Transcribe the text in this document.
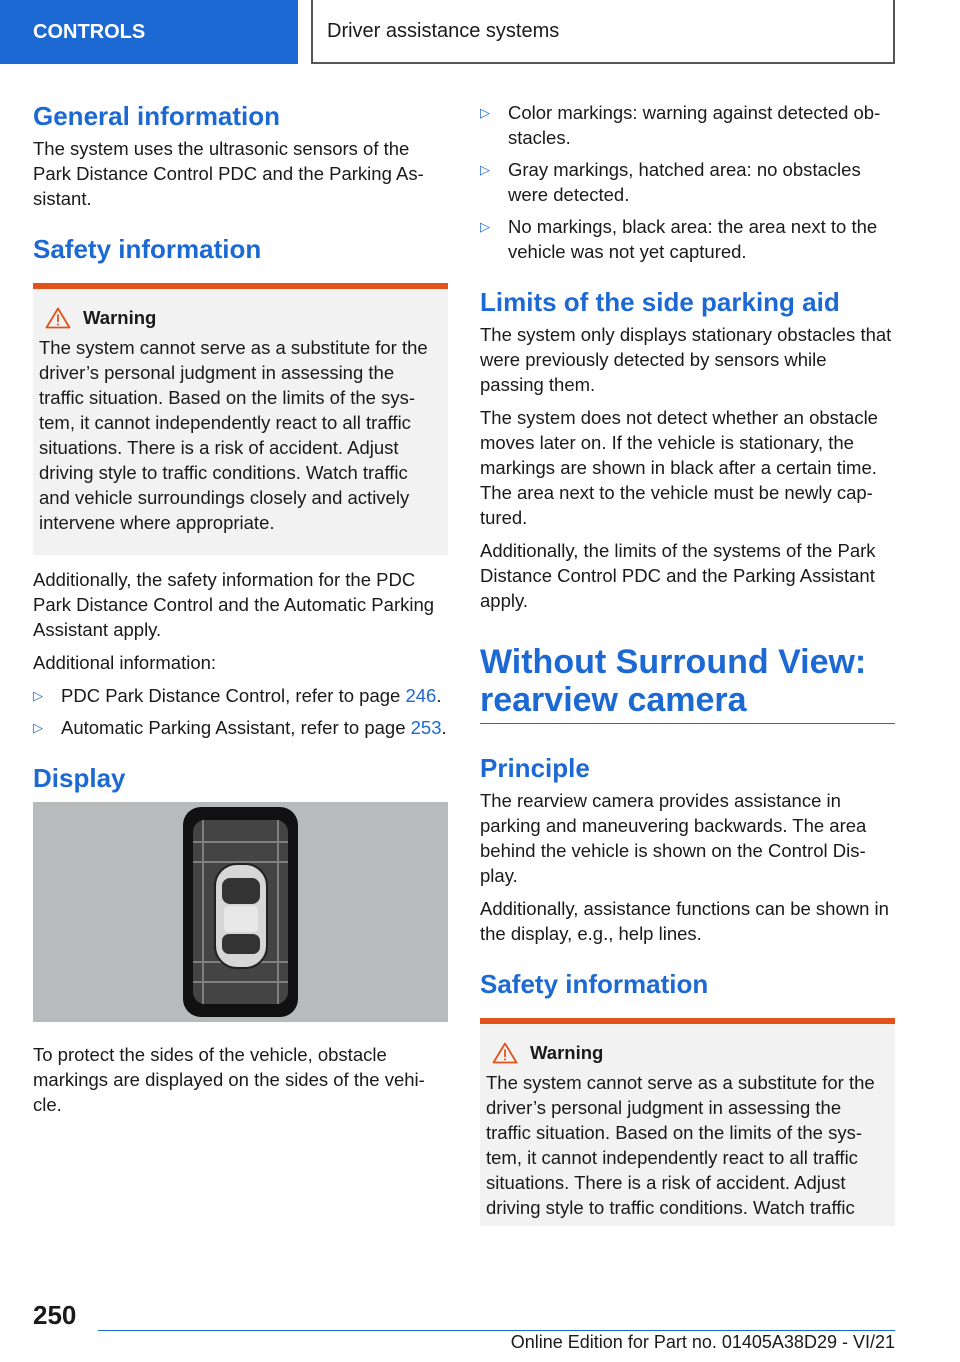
CONTROLS	Driver assistance systems
General information

The system uses the ultrasonic sensors of the Park Distance Control PDC and the Parking As-sistant.

Safety information
Warning

The system cannot serve as a substitute for the driver’s personal judgment in assessing the traffic situation. Based on the limits of the sys-tem, it cannot independently react to all traffic situations. There is a risk of accident. Adjust driving style to traffic conditions. Watch traffic and vehicle surroundings closely and actively intervene where appropriate.

Additionally, the safety information for the PDC Park Distance Control and the Automatic Parking Assistant apply.

Additional information:

▷ PDC Park Distance Control, refer to page 246.
▷ Automatic Parking Assistant, refer to page 253.
Display

To protect the sides of the vehicle, obstacle markings are displayed on the sides of the vehi-cle.

▷ Color markings: warning against detected ob-stacles.
▷ Gray markings, hatched area: no obstacles were detected.
▷ No markings, black area: the area next to the vehicle was not yet captured.
Limits of the side parking aid

The system only displays stationary obstacles that were previously detected by sensors while passing them.

The system does not detect whether an obstacle moves later on. If the vehicle is stationary, the markings are shown in black after a certain time. The area next to the vehicle must be newly cap-tured.

Additionally, the limits of the systems of the Park Distance Control PDC and the Parking Assistant apply.

Without Surround View:
rearview camera
Principle

The rearview camera provides assistance in parking and maneuvering backwards. The area behind the vehicle is shown on the Control Dis-play.

Additionally, assistance functions can be shown in the display, e.g., help lines.

Safety information
Warning

The system cannot serve as a substitute for the driver’s personal judgment in assessing the traffic situation. Based on the limits of the sys-tem, it cannot independently react to all traffic situations. There is a risk of accident. Adjust driving style to traffic conditions. Watch traffic

250
Online Edition for Part no. 01405A38D29 - VI/21
